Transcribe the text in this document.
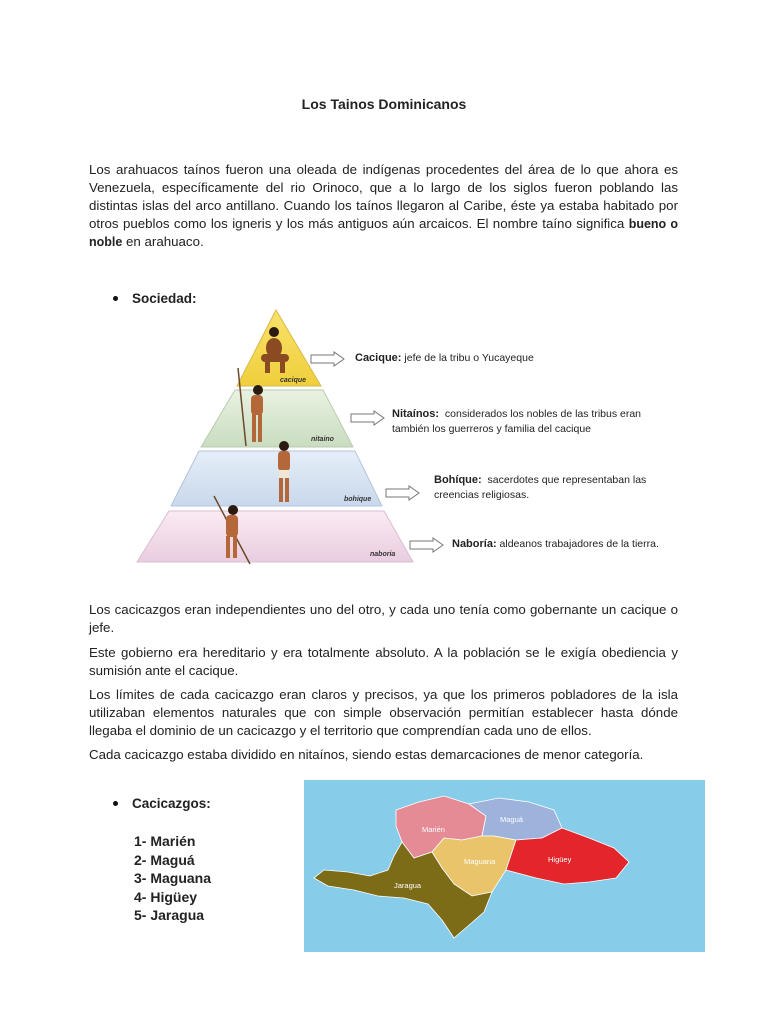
Los Tainos Dominicanos
Los arahuacos taínos fueron una oleada de indígenas procedentes del área de lo que ahora es Venezuela, específicamente del rio Orinoco, que a lo largo de los siglos fueron poblando las distintas islas del arco antillano. Cuando los taínos llegaron al Caribe, éste ya estaba habitado por otros pueblos como los igneris y los más antiguos aún arcaicos. El nombre taíno significa bueno o noble en arahuaco.
Sociedad:
cacique
nitaino
bohique
naboria
Cacique: jefe de la tribu o Yucayeque
Nitaínos: considerados los nobles de las tribus eran también los guerreros y familia del cacique
Bohíque: sacerdotes que representaban las creencias religiosas.
Naboría: aldeanos trabajadores de la tierra.
Los cacicazgos eran independientes uno del otro, y cada uno tenía como gobernante un cacique o jefe.
Este gobierno era hereditario y era totalmente absoluto. A la población se le exigía obediencia y sumisión ante el cacique.
Los límites de cada cacicazgo eran claros y precisos, ya que los primeros pobladores de la isla utilizaban elementos naturales que con simple observación permitían establecer hasta dónde llegaba el dominio de un cacicazgo y el territorio que comprendían cada uno de ellos.
Cada cacicazgo estaba dividido en nitaínos, siendo estas demarcaciones de menor categoría.
Cacicazgos:
1- Marién
2- Maguá
3- Maguana
4- Higüey
5- Jaragua
Marién
Maguá
Maguana	Higüey
Jaragua
